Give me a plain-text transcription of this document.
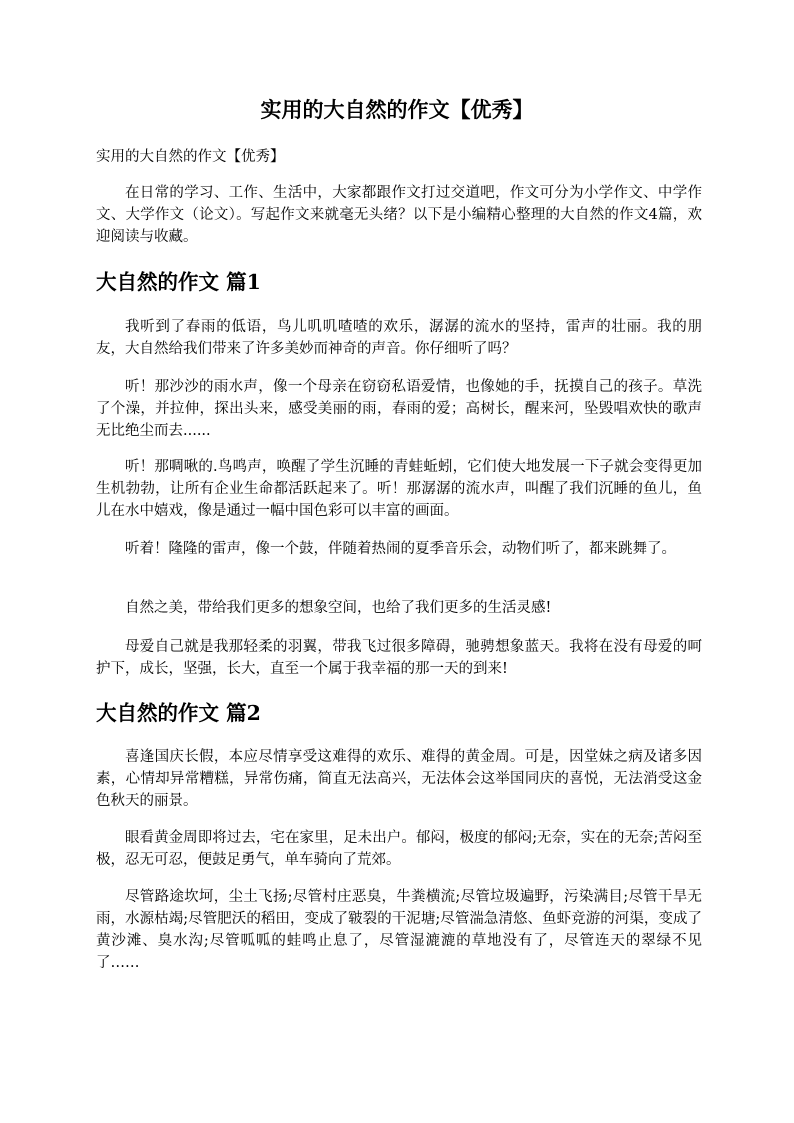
实用的大自然的作文【优秀】

实用的大自然的作文【优秀】

在日常的学习、工作、生活中，大家都跟作文打过交道吧，作文可分为小学作文、中学作文、大学作文（论文）。写起作文来就毫无头绪？以下是小编精心整理的大自然的作文4篇，欢迎阅读与收藏。

大自然的作文 篇1

我听到了春雨的低语，鸟儿叽叽喳喳的欢乐，潺潺的流水的坚持，雷声的壮丽。我的朋友，大自然给我们带来了许多美妙而神奇的声音。你仔细听了吗？

听！那沙沙的雨水声，像一个母亲在窃窃私语爱情，也像她的手，抚摸自己的孩子。草洗了个澡，并拉伸，探出头来，感受美丽的雨，春雨的爱；高树长，醒来河，坠毁唱欢快的歌声无比绝尘而去......

听！那啁啾的.鸟鸣声，唤醒了学生沉睡的青蛙蚯蚓，它们使大地发展一下子就会变得更加生机勃勃，让所有企业生命都活跃起来了。听！那潺潺的流水声，叫醒了我们沉睡的鱼儿，鱼儿在水中嬉戏，像是通过一幅中国色彩可以丰富的画面。

听着！隆隆的雷声，像一个鼓，伴随着热闹的夏季音乐会，动物们听了，都来跳舞了。

自然之美，带给我们更多的想象空间，也给了我们更多的生活灵感!

母爱自己就是我那轻柔的羽翼，带我飞过很多障碍，驰骋想象蓝天。我将在没有母爱的呵护下，成长，坚强，长大，直至一个属于我幸福的那一天的到来!

大自然的作文 篇2

喜逢国庆长假，本应尽情享受这难得的欢乐、难得的黄金周。可是，因堂妹之病及诸多因素，心情却异常糟糕，异常伤痛，简直无法高兴，无法体会这举国同庆的喜悦，无法消受这金色秋天的丽景。

眼看黄金周即将过去，宅在家里，足未出户。郁闷，极度的郁闷;无奈，实在的无奈;苦闷至极，忍无可忍，便鼓足勇气，单车骑向了荒郊。

尽管路途坎坷，尘土飞扬;尽管村庄恶臭，牛粪横流;尽管垃圾遍野，污染满目;尽管干旱无雨，水源枯竭;尽管肥沃的稻田，变成了皲裂的干泥塘;尽管湍急清悠、鱼虾竞游的河渠，变成了黄沙滩、臭水沟;尽管呱呱的蛙鸣止息了，尽管湿漉漉的草地没有了，尽管连天的翠绿不见了……
